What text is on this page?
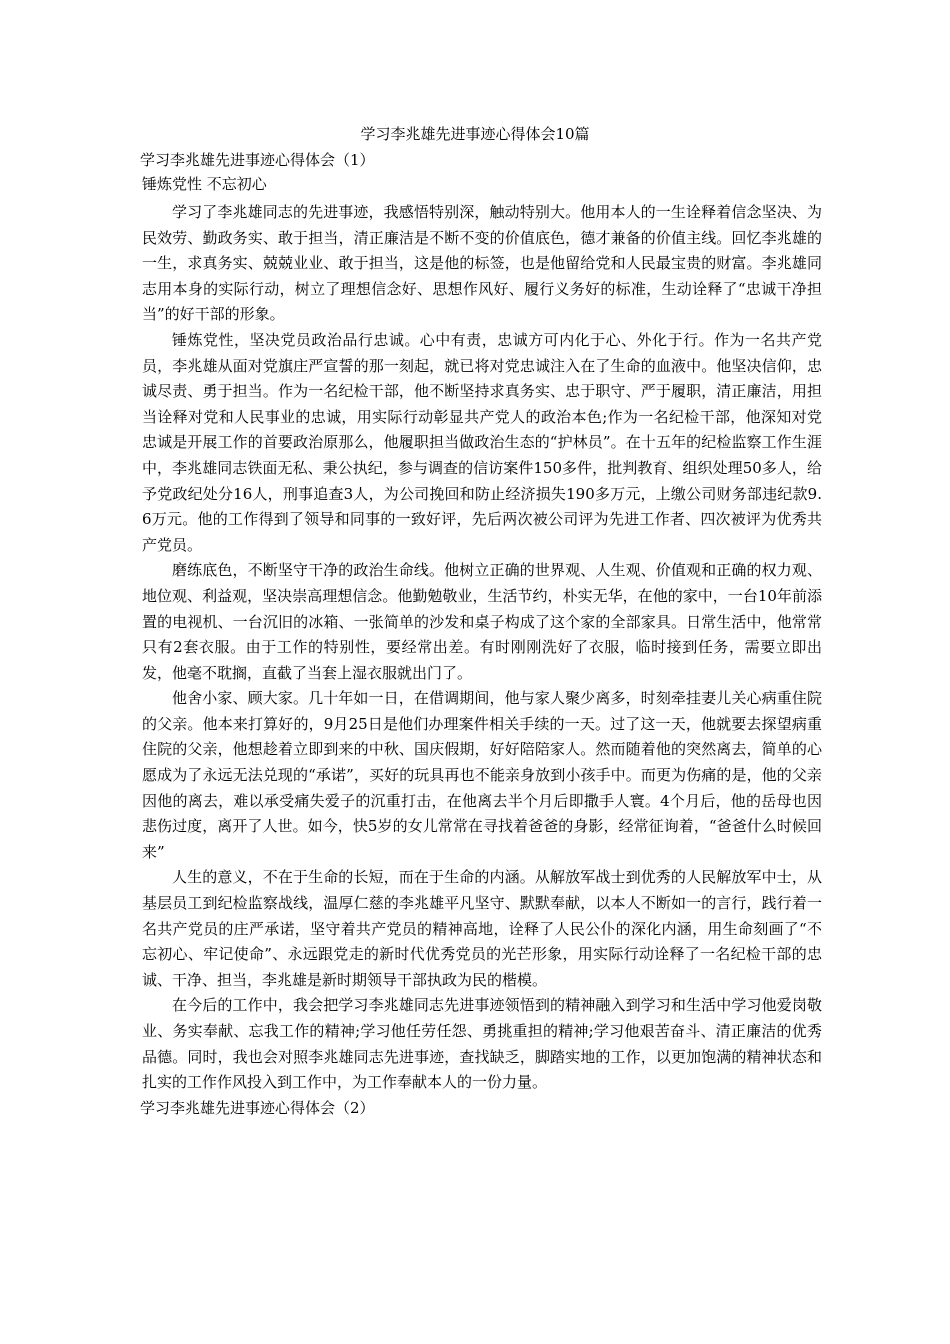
学习李兆雄先进事迹心得体会10篇
学习李兆雄先进事迹心得体会（1）
锤炼党性 不忘初心

学习了李兆雄同志的先进事迹，我感悟特别深，触动特别大。他用本人的一生诠释着信念坚决、为民效劳、勤政务实、敢于担当，清正廉洁是不断不变的价值底色，德才兼备的价值主线。回忆李兆雄的一生，求真务实、兢兢业业、敢于担当，这是他的标签，也是他留给党和人民最宝贵的财富。李兆雄同志用本身的实际行动，树立了理想信念好、思想作风好、履行义务好的标准，生动诠释了“忠诚干净担当”的好干部的形象。

锤炼党性，坚决党员政治品行忠诚。心中有责，忠诚方可内化于心、外化于行。作为一名共产党员，李兆雄从面对党旗庄严宣誓的那一刻起，就已将对党忠诚注入在了生命的血液中。他坚决信仰，忠诚尽责、勇于担当。作为一名纪检干部，他不断坚持求真务实、忠于职守、严于履职，清正廉洁，用担当诠释对党和人民事业的忠诚，用实际行动彰显共产党人的政治本色;作为一名纪检干部，他深知对党忠诚是开展工作的首要政治原那么，他履职担当做政治生态的“护林员”。在十五年的纪检监察工作生涯中，李兆雄同志铁面无私、秉公执纪，参与调查的信访案件150多件，批判教育、组织处理50多人，给予党政纪处分16人，刑事追查3人，为公司挽回和防止经济损失190多万元，上缴公司财务部违纪款9.6万元。他的工作得到了领导和同事的一致好评，先后两次被公司评为先进工作者、四次被评为优秀共产党员。

磨练底色，不断坚守干净的政治生命线。他树立正确的世界观、人生观、价值观和正确的权力观、地位观、利益观，坚决崇高理想信念。他勤勉敬业，生活节约，朴实无华，在他的家中，一台10年前添置的电视机、一台沉旧的冰箱、一张简单的沙发和桌子构成了这个家的全部家具。日常生活中，他常常只有2套衣服。由于工作的特别性，要经常出差。有时刚刚洗好了衣服，临时接到任务，需要立即出发，他毫不耽搁，直截了当套上湿衣服就出门了。

他舍小家、顾大家。几十年如一日，在借调期间，他与家人聚少离多，时刻牵挂妻儿关心病重住院的父亲。他本来打算好的，9月25日是他们办理案件相关手续的一天。过了这一天，他就要去探望病重住院的父亲，他想趁着立即到来的中秋、国庆假期，好好陪陪家人。然而随着他的突然离去，简单的心愿成为了永远无法兑现的“承诺”，买好的玩具再也不能亲身放到小孩手中。而更为伤痛的是，他的父亲因他的离去，难以承受痛失爱子的沉重打击，在他离去半个月后即撒手人寰。4个月后，他的岳母也因悲伤过度，离开了人世。如今，快5岁的女儿常常在寻找着爸爸的身影，经常征询着，“爸爸什么时候回来”

人生的意义，不在于生命的长短，而在于生命的内涵。从解放军战士到优秀的人民解放军中士，从基层员工到纪检监察战线，温厚仁慈的李兆雄平凡坚守、默默奉献，以本人不断如一的言行，践行着一名共产党员的庄严承诺，坚守着共产党员的精神高地，诠释了人民公仆的深化内涵，用生命刻画了“不忘初心、牢记使命”、永远跟党走的新时代优秀党员的光芒形象，用实际行动诠释了一名纪检干部的忠诚、干净、担当，李兆雄是新时期领导干部执政为民的楷模。

在今后的工作中，我会把学习李兆雄同志先进事迹领悟到的精神融入到学习和生活中学习他爱岗敬业、务实奉献、忘我工作的精神;学习他任劳任怨、勇挑重担的精神;学习他艰苦奋斗、清正廉洁的优秀品德。同时，我也会对照李兆雄同志先进事迹，查找缺乏，脚踏实地的工作，以更加饱满的精神状态和扎实的工作作风投入到工作中，为工作奉献本人的一份力量。

学习李兆雄先进事迹心得体会（2）
